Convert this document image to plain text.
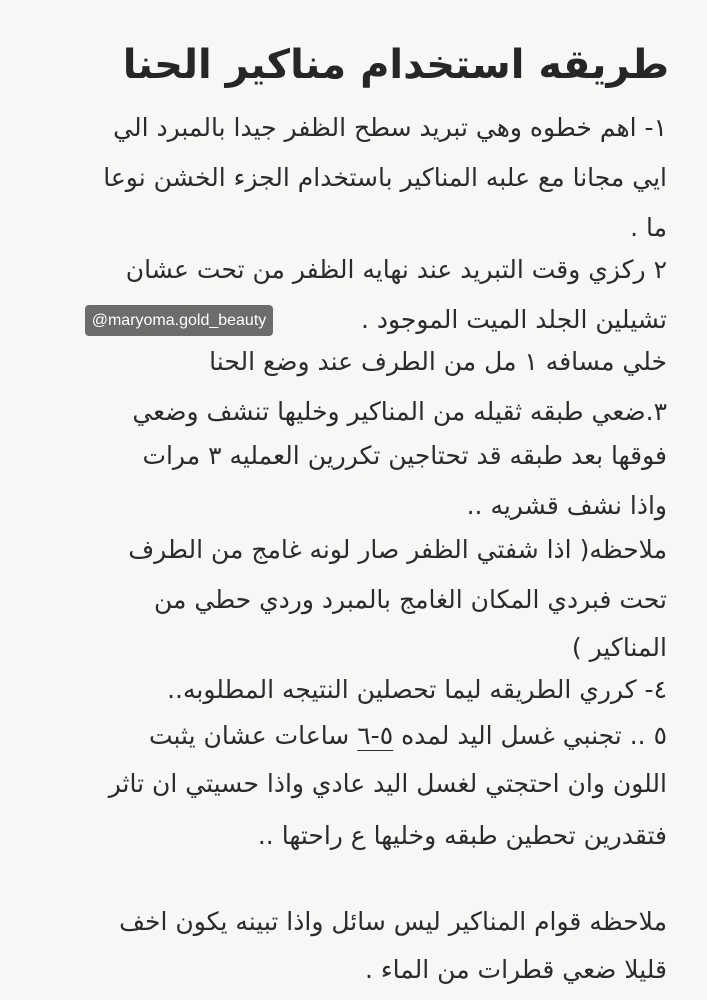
طريقه استخدام مناكير الحنا

١- اهم خطوه وهي تبريد سطح الظفر جيدا بالمبرد الي

ايي مجانا مع علبه المناكير باستخدام الجزء الخشن نوعا

ما .

٢ ركزي وقت التبريد عند نهايه الظفر من تحت عشان

تشيلين الجلد الميت الموجود .

خلي مسافه ١ مل من الطرف عند وضع الحنا

٣.ضعي طبقه ثقيله من المناكير وخليها تنشف وضعي

فوقها بعد طبقه قد تحتاجين تكررين العمليه ٣ مرات

واذا نشف قشريه ..

ملاحظه( اذا شفتي الظفر صار لونه غامج من الطرف

تحت فبردي المكان الغامج بالمبرد وردي حطي من

المناكير )

٤- كرري الطريقه ليما تحصلين النتيجه المطلوبه..

٥ .. تجنبي غسل اليد لمده ٥-٦ ساعات عشان يثبت

اللون وان احتجتي لغسل اليد عادي واذا حسيتي ان تاثر

فتقدرين تحطين طبقه وخليها ع راحتها ..

ملاحظه قوام المناكير ليس سائل واذا تبينه يكون اخف

قليلا ضعي قطرات من الماء .

@maryoma.gold_beauty
